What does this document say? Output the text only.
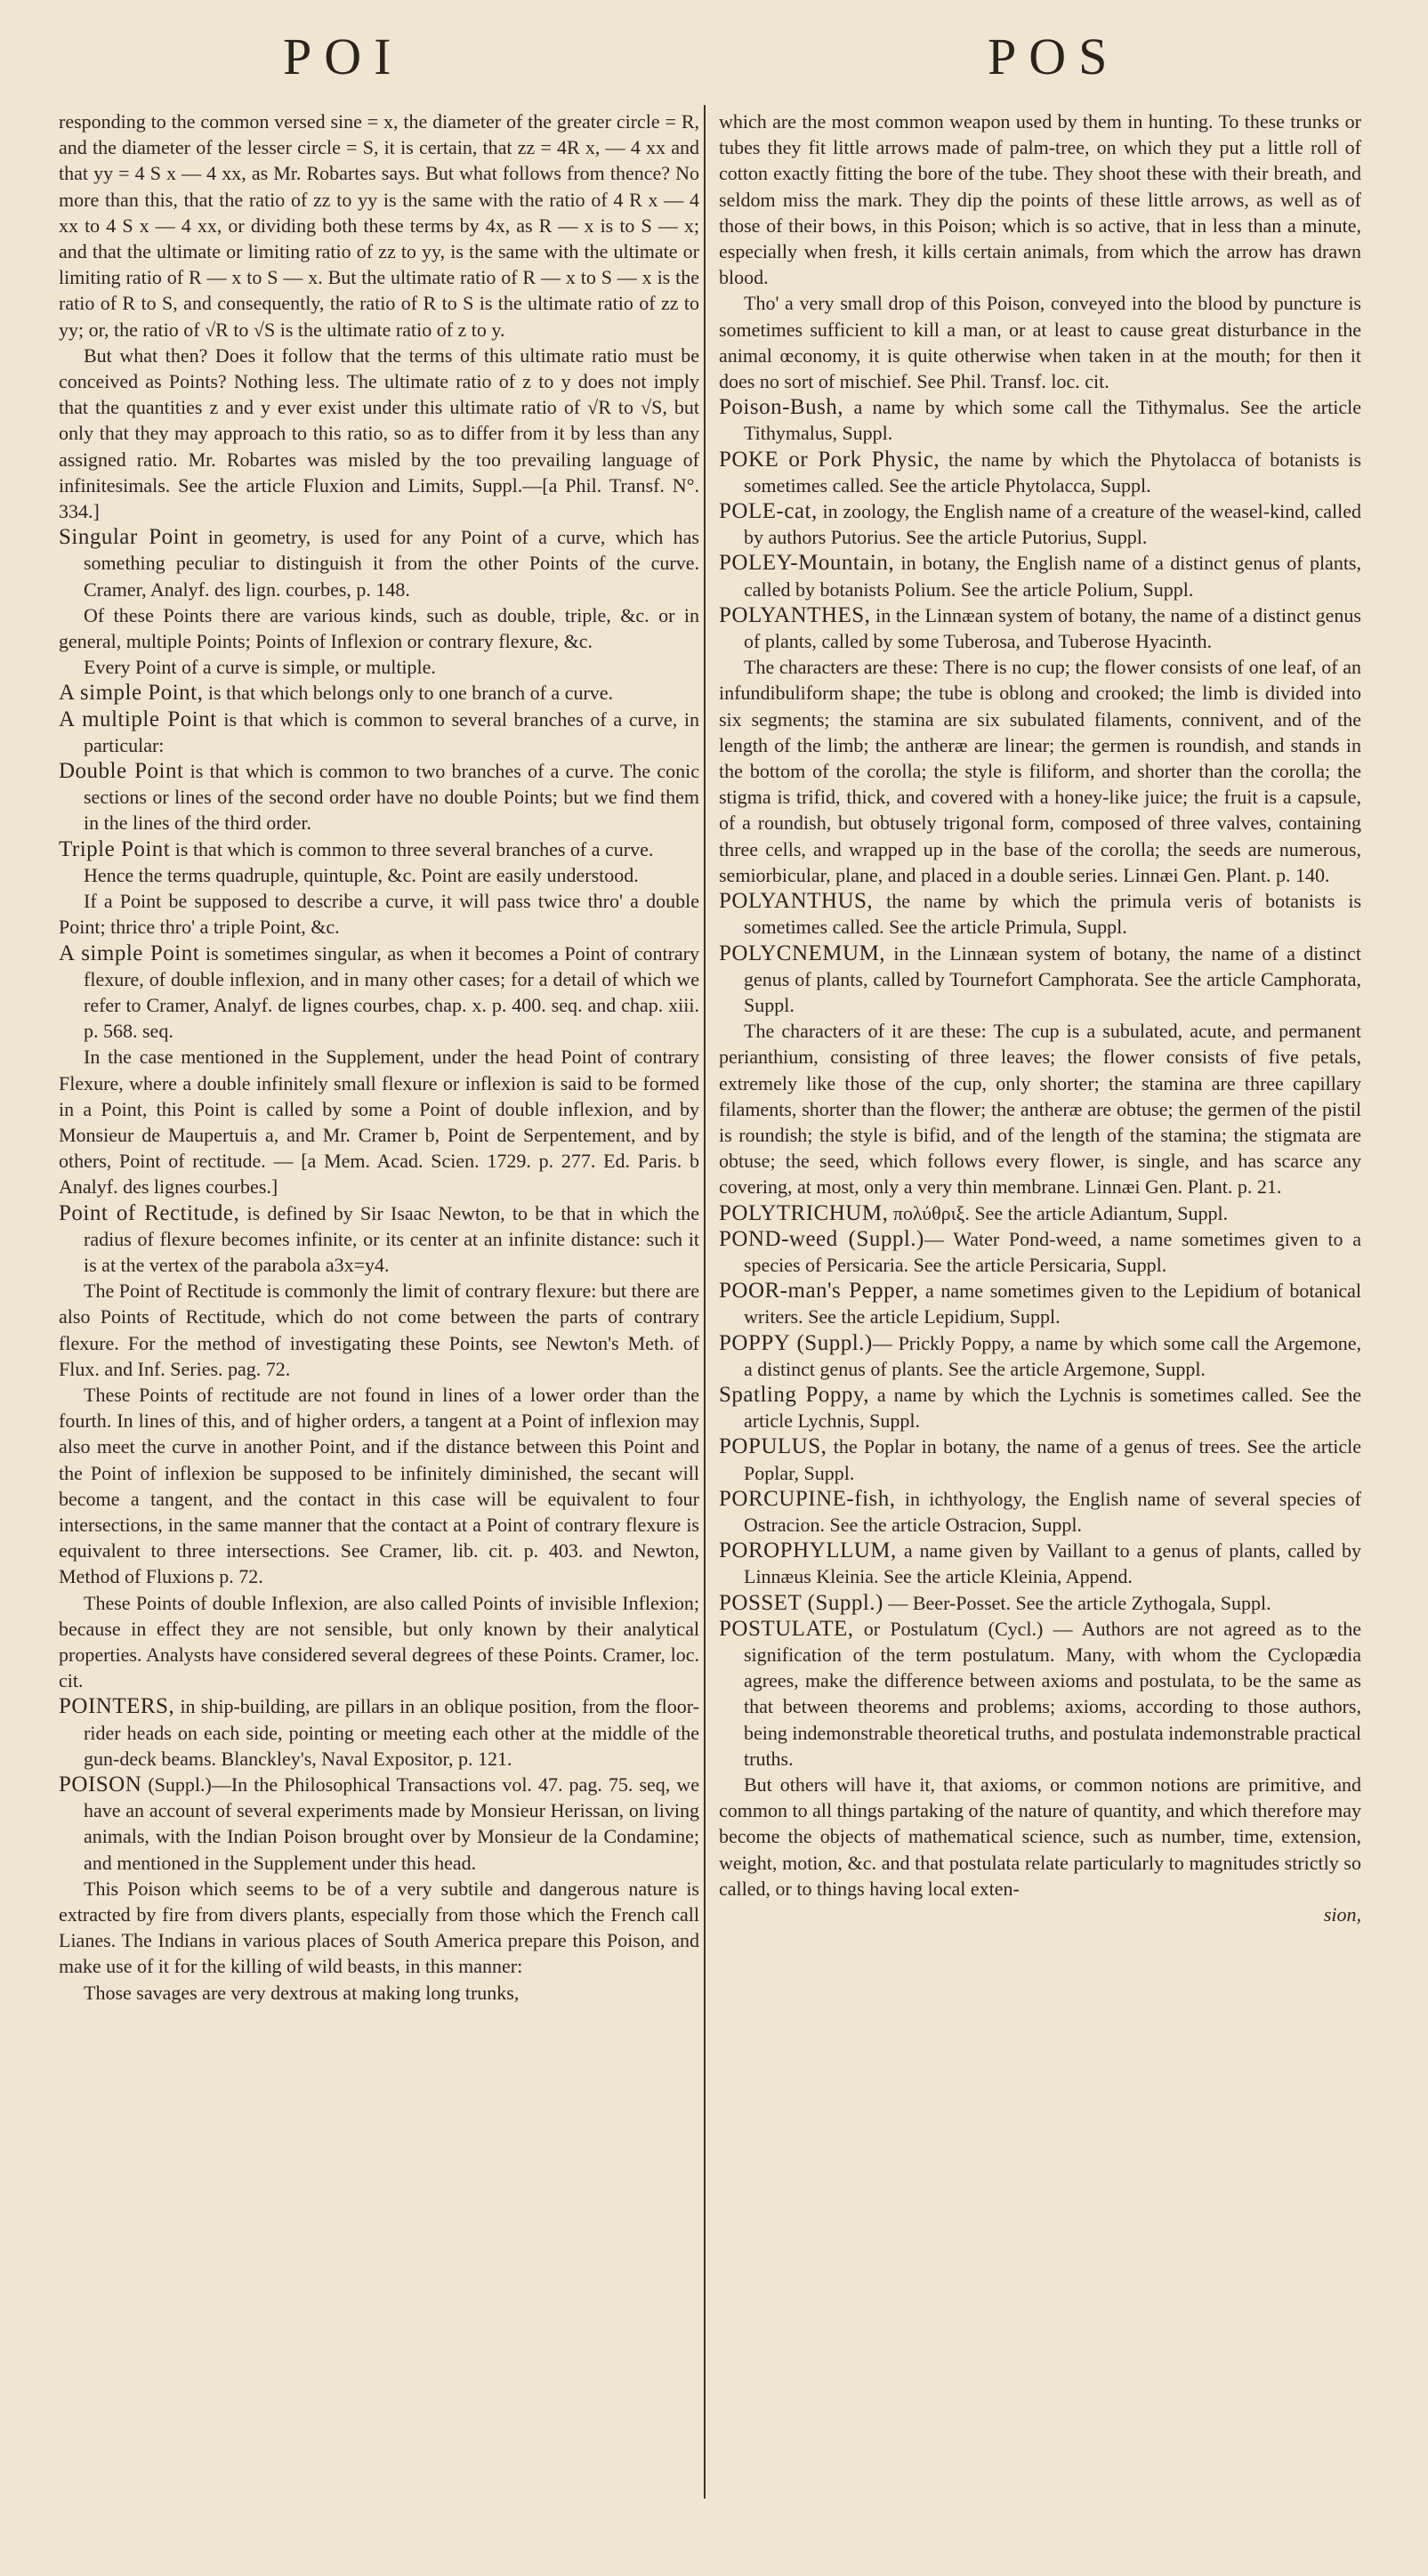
POI	POS

responding to the common versed sine = x, the diameter of the greater circle = R, and the diameter of the lesser circle = S, it is certain, that zz = 4R x, — 4 xx and that yy = 4 S x — 4 xx, as Mr. Robartes says. But what follows from thence? No more than this, that the ratio of zz to yy is the same with the ratio of 4 R x — 4 xx to 4 S x — 4 xx, or dividing both these terms by 4x, as R — x is to S — x; and that the ultimate or limiting ratio of zz to yy, is the same with the ultimate or limiting ratio of R — x to S — x. But the ultimate ratio of R — x to S — x is the ratio of R to S, and consequently, the ratio of R to S is the ultimate ratio of zz to yy; or, the ratio of √R to √S is the ultimate ratio of z to y.

But what then? Does it follow that the terms of this ultimate ratio must be conceived as Points? Nothing less. The ultimate ratio of z to y does not imply that the quantities z and y ever exist under this ultimate ratio of √R to √S, but only that they may approach to this ratio, so as to differ from it by less than any assigned ratio. Mr. Robartes was misled by the too prevailing language of infinitesimals. See the article Fluxion and Limits, Suppl.—[a Phil. Transf. N°. 334.]

Singular Point in geometry, is used for any Point of a curve, which has something peculiar to distinguish it from the other Points of the curve. Cramer, Analyf. des lign. courbes, p. 148.

Of these Points there are various kinds, such as double, triple, &c. or in general, multiple Points; Points of Inflexion or contrary flexure, &c.

Every Point of a curve is simple, or multiple.

A simple Point, is that which belongs only to one branch of a curve.

A multiple Point is that which is common to several branches of a curve, in particular:

Double Point is that which is common to two branches of a curve. The conic sections or lines of the second order have no double Points; but we find them in the lines of the third order.

Triple Point is that which is common to three several branches of a curve.

Hence the terms quadruple, quintuple, &c. Point are easily understood.

If a Point be supposed to describe a curve, it will pass twice thro' a double Point; thrice thro' a triple Point, &c.

A simple Point is sometimes singular, as when it becomes a Point of contrary flexure, of double inflexion, and in many other cases; for a detail of which we refer to Cramer, Analyf. de lignes courbes, chap. x. p. 400. seq. and chap. xiii. p. 568. seq.

In the case mentioned in the Supplement, under the head Point of contrary Flexure, where a double infinitely small flexure or inflexion is said to be formed in a Point, this Point is called by some a Point of double inflexion, and by Monsieur de Maupertuis a, and Mr. Cramer b, Point de Serpentement, and by others, Point of rectitude. — [a Mem. Acad. Scien. 1729. p. 277. Ed. Paris. b Analyf. des lignes courbes.]

Point of Rectitude, is defined by Sir Isaac Newton, to be that in which the radius of flexure becomes infinite, or its center at an infinite distance: such it is at the vertex of the parabola a3x=y4.

The Point of Rectitude is commonly the limit of contrary flexure: but there are also Points of Rectitude, which do not come between the parts of contrary flexure. For the method of investigating these Points, see Newton's Meth. of Flux. and Inf. Series. pag. 72.

These Points of rectitude are not found in lines of a lower order than the fourth. In lines of this, and of higher orders, a tangent at a Point of inflexion may also meet the curve in another Point, and if the distance between this Point and the Point of inflexion be supposed to be infinitely diminished, the secant will become a tangent, and the contact in this case will be equivalent to four intersections, in the same manner that the contact at a Point of contrary flexure is equivalent to three intersections. See Cramer, lib. cit. p. 403. and Newton, Method of Fluxions p. 72.

These Points of double Inflexion, are also called Points of invisible Inflexion; because in effect they are not sensible, but only known by their analytical properties. Analysts have considered several degrees of these Points. Cramer, loc. cit.

POINTERS, in ship-building, are pillars in an oblique position, from the floor-rider heads on each side, pointing or meeting each other at the middle of the gun-deck beams. Blanckley's, Naval Expositor, p. 121.

POISON (Suppl.)—In the Philosophical Transactions vol. 47. pag. 75. seq, we have an account of several experiments made by Monsieur Herissan, on living animals, with the Indian Poison brought over by Monsieur de la Condamine; and mentioned in the Supplement under this head.

This Poison which seems to be of a very subtile and dangerous nature is extracted by fire from divers plants, especially from those which the French call Lianes. The Indians in various places of South America prepare this Poison, and make use of it for the killing of wild beasts, in this manner:

Those savages are very dextrous at making long trunks,

which are the most common weapon used by them in hunting. To these trunks or tubes they fit little arrows made of palm-tree, on which they put a little roll of cotton exactly fitting the bore of the tube. They shoot these with their breath, and seldom miss the mark. They dip the points of these little arrows, as well as of those of their bows, in this Poison; which is so active, that in less than a minute, especially when fresh, it kills certain animals, from which the arrow has drawn blood.

Tho' a very small drop of this Poison, conveyed into the blood by puncture is sometimes sufficient to kill a man, or at least to cause great disturbance in the animal œconomy, it is quite otherwise when taken in at the mouth; for then it does no sort of mischief. See Phil. Transf. loc. cit.

Poison-Bush, a name by which some call the Tithymalus. See the article Tithymalus, Suppl.

POKE or Pork Physic, the name by which the Phytolacca of botanists is sometimes called. See the article Phytolacca, Suppl.

POLE-cat, in zoology, the English name of a creature of the weasel-kind, called by authors Putorius. See the article Putorius, Suppl.

POLEY-Mountain, in botany, the English name of a distinct genus of plants, called by botanists Polium. See the article Polium, Suppl.

POLYANTHES, in the Linnæan system of botany, the name of a distinct genus of plants, called by some Tuberosa, and Tuberose Hyacinth.

The characters are these: There is no cup; the flower consists of one leaf, of an infundibuliform shape; the tube is oblong and crooked; the limb is divided into six segments; the stamina are six subulated filaments, connivent, and of the length of the limb; the antheræ are linear; the germen is roundish, and stands in the bottom of the corolla; the style is filiform, and shorter than the corolla; the stigma is trifid, thick, and covered with a honey-like juice; the fruit is a capsule, of a roundish, but obtusely trigonal form, composed of three valves, containing three cells, and wrapped up in the base of the corolla; the seeds are numerous, semiorbicular, plane, and placed in a double series. Linnæi Gen. Plant. p. 140.

POLYANTHUS, the name by which the primula veris of botanists is sometimes called. See the article Primula, Suppl.

POLYCNEMUM, in the Linnæan system of botany, the name of a distinct genus of plants, called by Tournefort Camphorata. See the article Camphorata, Suppl.

The characters of it are these: The cup is a subulated, acute, and permanent perianthium, consisting of three leaves; the flower consists of five petals, extremely like those of the cup, only shorter; the stamina are three capillary filaments, shorter than the flower; the antheræ are obtuse; the germen of the pistil is roundish; the style is bifid, and of the length of the stamina; the stigmata are obtuse; the seed, which follows every flower, is single, and has scarce any covering, at most, only a very thin membrane. Linnæi Gen. Plant. p. 21.

POLYTRICHUM, πολύθριξ. See the article Adiantum, Suppl.

POND-weed (Suppl.)— Water Pond-weed, a name sometimes given to a species of Persicaria. See the article Persicaria, Suppl.

POOR-man's Pepper, a name sometimes given to the Lepidium of botanical writers. See the article Lepidium, Suppl.

POPPY (Suppl.)— Prickly Poppy, a name by which some call the Argemone, a distinct genus of plants. See the article Argemone, Suppl.

Spatling Poppy, a name by which the Lychnis is sometimes called. See the article Lychnis, Suppl.

POPULUS, the Poplar in botany, the name of a genus of trees. See the article Poplar, Suppl.

PORCUPINE-fish, in ichthyology, the English name of several species of Ostracion. See the article Ostracion, Suppl.

POROPHYLLUM, a name given by Vaillant to a genus of plants, called by Linnæus Kleinia. See the article Kleinia, Append.

POSSET (Suppl.) — Beer-Posset. See the article Zythogala, Suppl.

POSTULATE, or Postulatum (Cycl.) — Authors are not agreed as to the signification of the term postulatum. Many, with whom the Cyclopædia agrees, make the difference between axioms and postulata, to be the same as that between theorems and problems; axioms, according to those authors, being indemonstrable theoretical truths, and postulata indemonstrable practical truths.

But others will have it, that axioms, or common notions are primitive, and common to all things partaking of the nature of quantity, and which therefore may become the objects of mathematical science, such as number, time, extension, weight, motion, &c. and that postulata relate particularly to magnitudes strictly so called, or to things having local exten-

sion,
